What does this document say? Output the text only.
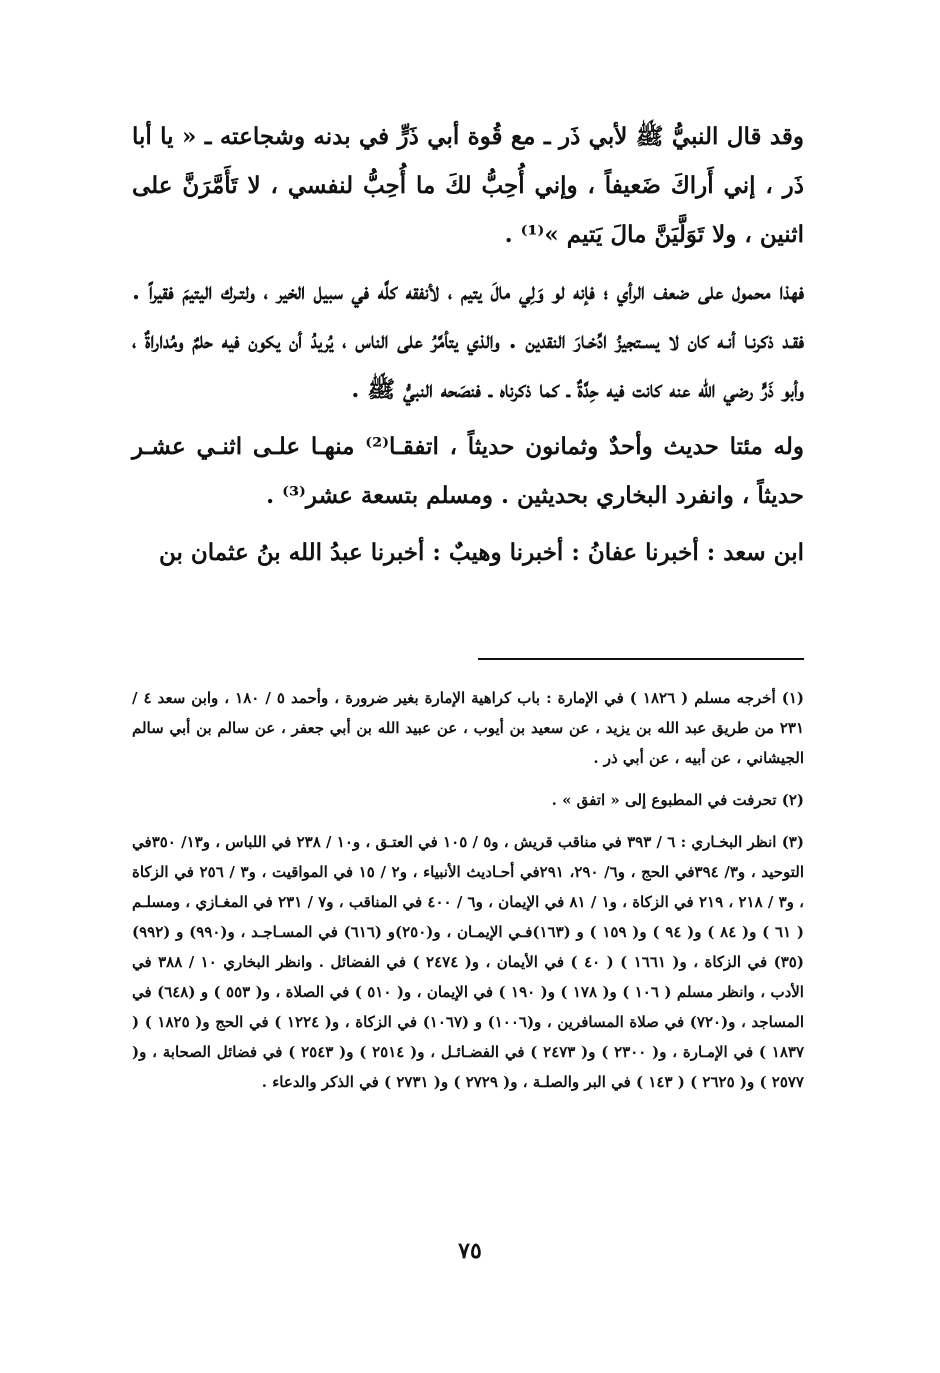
وقد قال النبيُّ ﷺ لأبي ذَر ـ مع قُوة أبي ذَرٍّ في بدنه وشجاعته ـ « يا أبا ذَر ، إني أَراكَ ضَعيفاً ، وإني أُحِبُّ لكَ ما أُحِبُّ لنفسي ، لا تَأَمَّرَنَّ على اثنين ، ولا تَوَلَّيَنَّ مالَ يَتيم »⁽¹⁾ .

فهذا محمول على ضعف الرأي ؛ فإنه لو وَلِي مالَ يتيم ، لأنفقه كلَّه في سبيل الخير ، ولتـرك اليتيمَ فقيراً . فقـد ذكرنـا أنـه كان لا يسـتجيزُ ادِّخـارَ النقدين . والذي يتأمَّرُ على الناس ، يُريدُ أن يكون فيه حلمٌ ومُداراةٌ ، وأبو ذَرٍّ رضي الله عنه كانت فيه حِدَّةٌ ـ كما ذكرناه ـ فنصَحه النبيُّ ﷺ .

وله مئتا حديث وأحدٌ وثمانون حديثاً ، اتفقـا⁽²⁾ منهـا علـى اثنـي عشـر حديثاً ، وانفرد البخاري بحديثين . ومسلم بتسعة عشر⁽³⁾ .

ابن سعد : أخبرنا عفانُ : أخبرنا وهيبٌ : أخبرنا عبدُ الله بنُ عثمان بن

(١) أخرجه مسلم ( ١٨٢٦ ) في الإمارة : باب كراهية الإمارة بغير ضرورة ، وأحمد ٥ / ١٨٠ ، وابن سعد ٤ / ٢٣١ من طريق عبد الله بن يزيد ، عن سعيد بن أيوب ، عن عبيد الله بن أبي جعفر ، عن سالم بن أبي سالم الجيشاني ، عن أبيه ، عن أبي ذر .

(٢) تحرفت في المطبوع إلى « اتفق » .

(٣) انظر البخـاري : ٦ / ٣٩٣ في مناقب قريش ، و٥ / ١٠٥ في العتـق ، و١٠ / ٢٣٨ في اللباس ، و١٣/ ٣٥٠في التوحيد ، و٣/ ٣٩٤في الحج ، و٦/ ٢٩٠، ٢٩١في أحـاديث الأنبياء ، و٢ / ١٥ في المواقيت ، و٣ / ٢٥٦ في الزكاة ، و٣ / ٢١٨ ، ٢١٩ في الزكاة ، و١ / ٨١ في الإيمان ، و٦ / ٤٠٠ في المناقب ، و٧ / ٢٣١ في المغـازي ، ومسلـم ( ٦١ ) و( ٨٤ ) و( ٩٤ ) و( ١٥٩ ) و (١٦٣)فـي الإيمـان ، و(٢٥٠)و (٦١٦) في المسـاجـد ، و(٩٩٠) و (٩٩٢) (٣٥) في الزكاة ، و( ١٦٦١ ) ( ٤٠ ) في الأيمان ، و( ٢٤٧٤ ) في الفضائل . وانظر البخاري ١٠ / ٣٨٨ في الأدب ، وانظر مسلم ( ١٠٦ ) و( ١٧٨ ) و( ١٩٠ ) في الإيمان ، و( ٥١٠ ) في الصلاة ، و( ٥٥٣ ) و (٦٤٨) في المساجد ، و(٧٢٠) في صلاة المسافرين ، و(١٠٠٦) و (١٠٦٧) في الزكاة ، و( ١٢٢٤ ) في الحج و( ١٨٢٥ ) ( ١٨٣٧ ) في الإمـارة ، و( ٢٣٠٠ ) و( ٢٤٧٣ ) في الفضـائـل ، و( ٢٥١٤ ) و( ٢٥٤٣ ) في فضائل الصحابة ، و( ٢٥٧٧ ) و( ٢٦٢٥ ) ( ١٤٣ ) في البر والصلـة ، و( ٢٧٢٩ ) و( ٢٧٣١ ) في الذكر والدعاء .

٧٥
